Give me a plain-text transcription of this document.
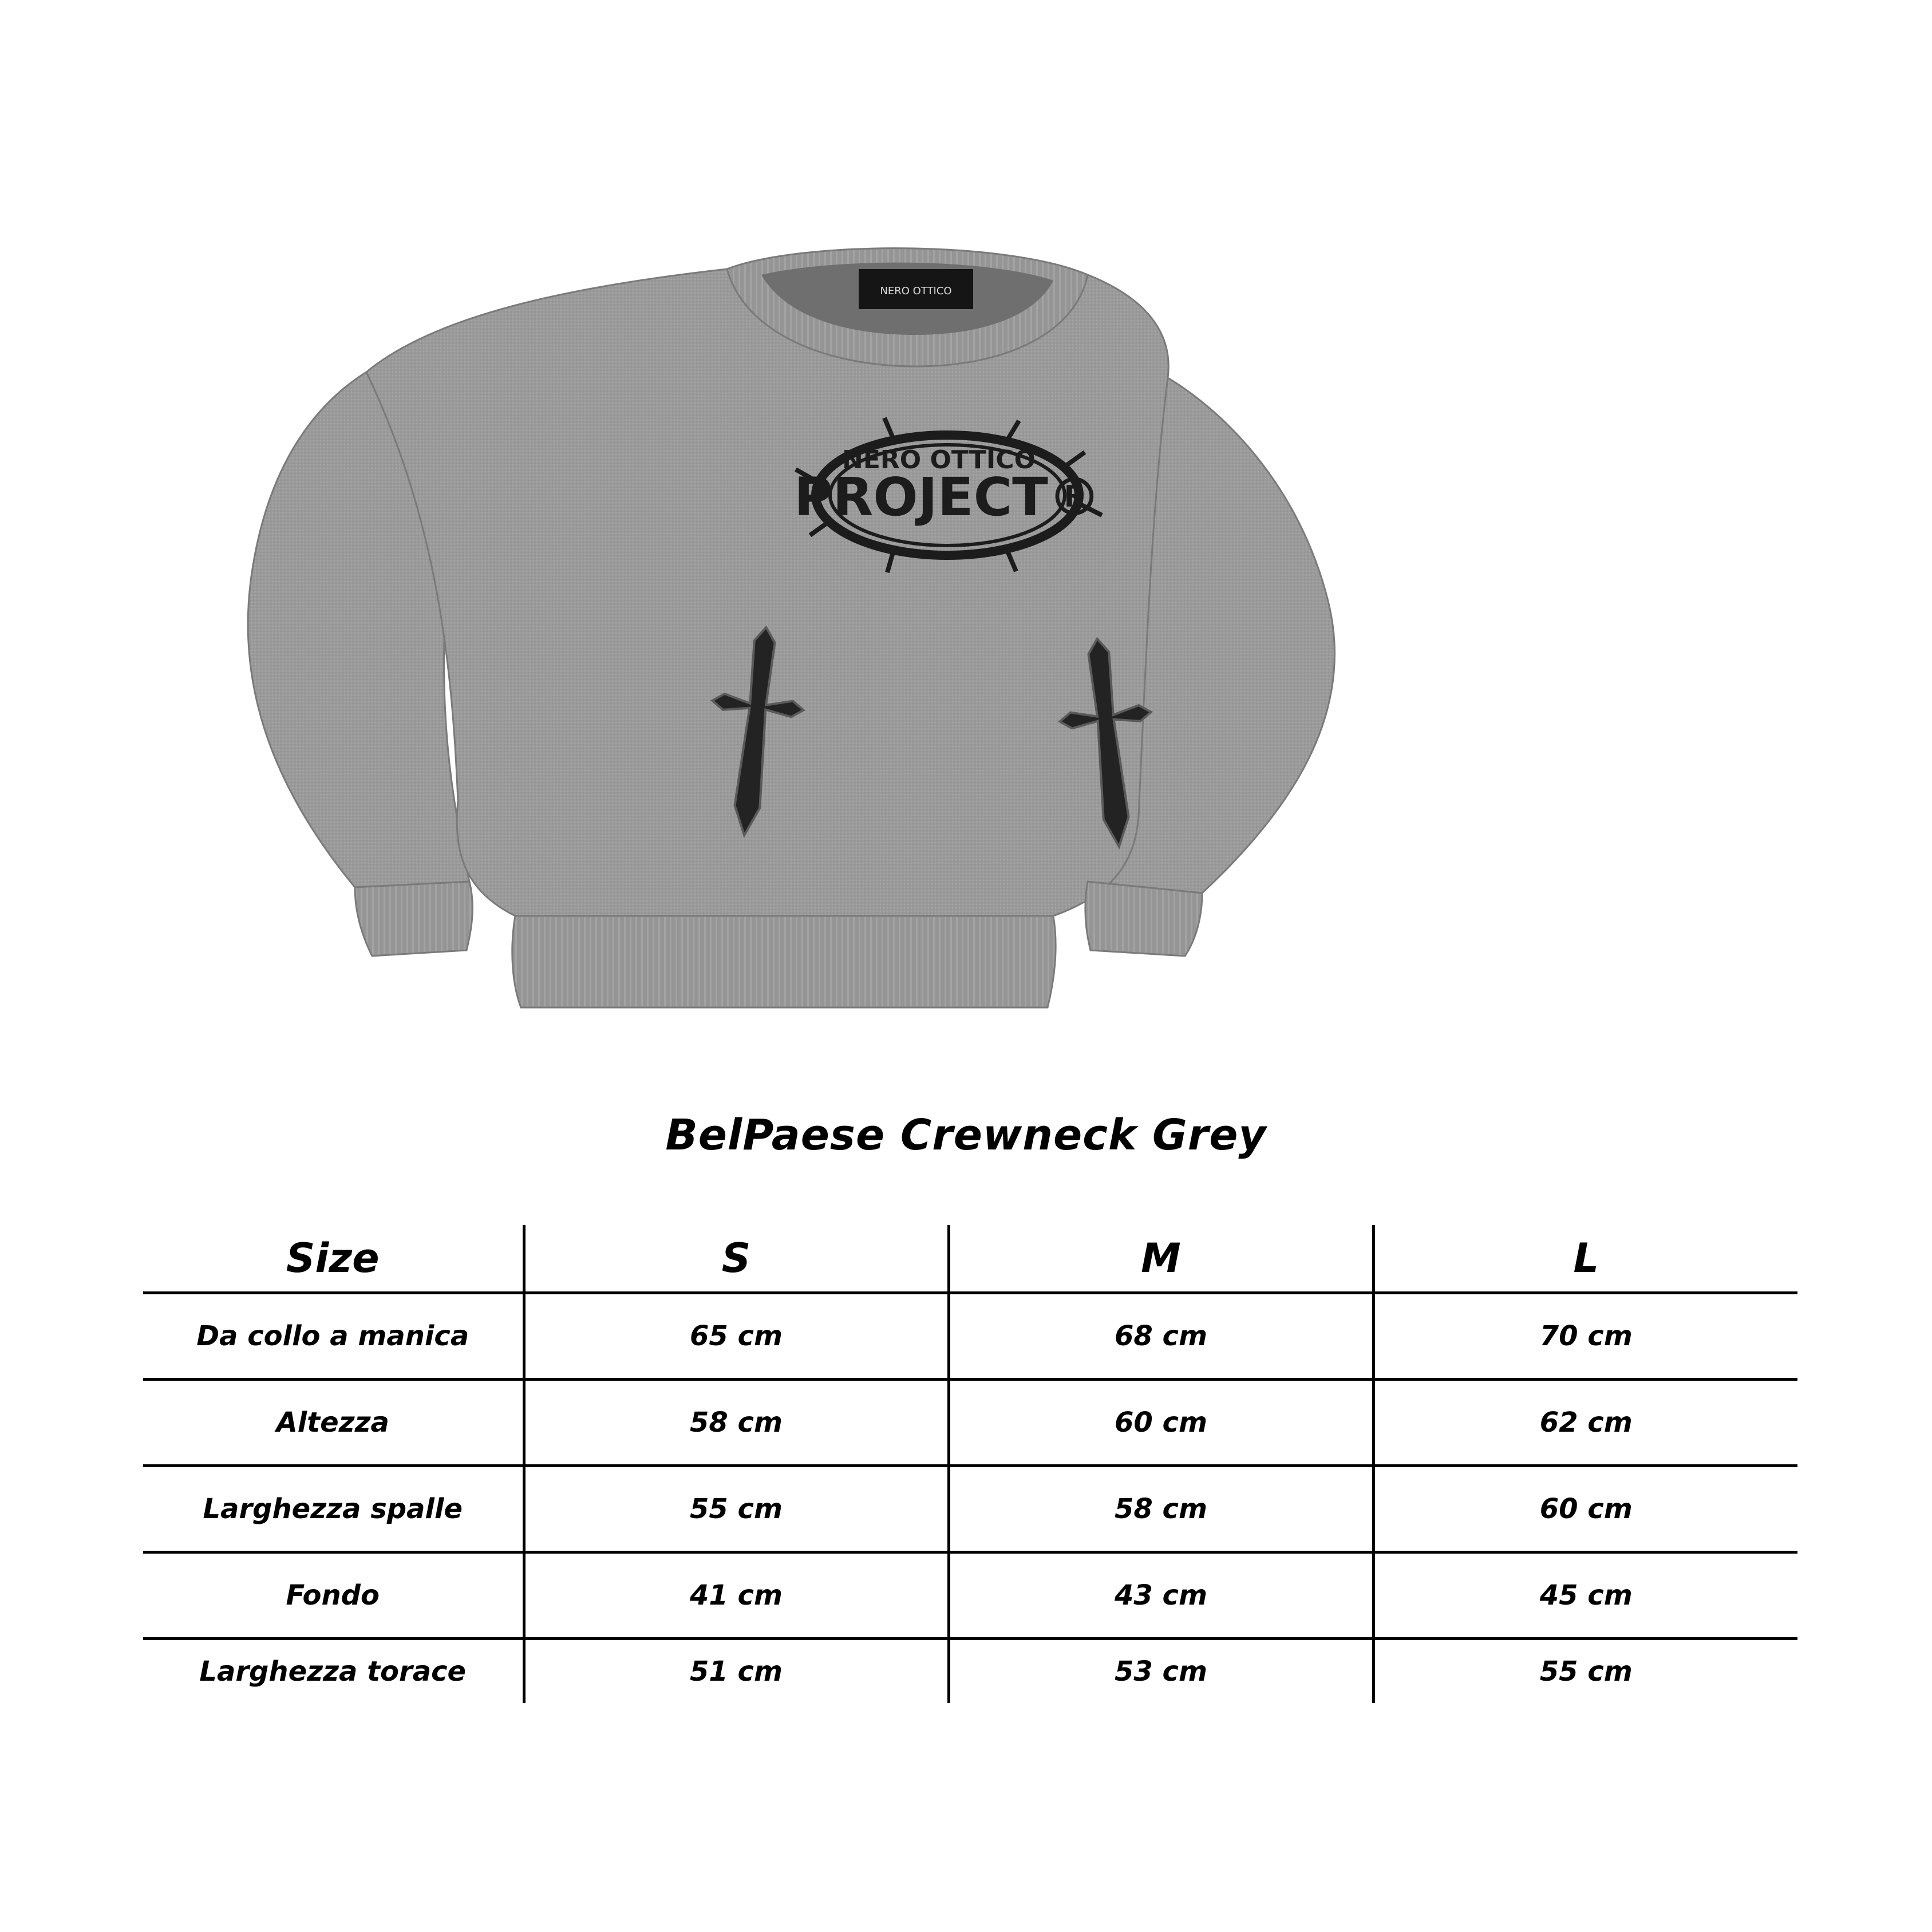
NERO OTTICO
NERO OTTICO
PROJECT®
BelPaese Crewneck Grey
Size	S	M	L
Da collo a manica	65 cm	68 cm	70 cm
Altezza	58 cm	60 cm	62 cm
Larghezza spalle	55 cm	58 cm	60 cm
Fondo	41 cm	43 cm	45 cm
Larghezza torace	51 cm	53 cm	55 cm
